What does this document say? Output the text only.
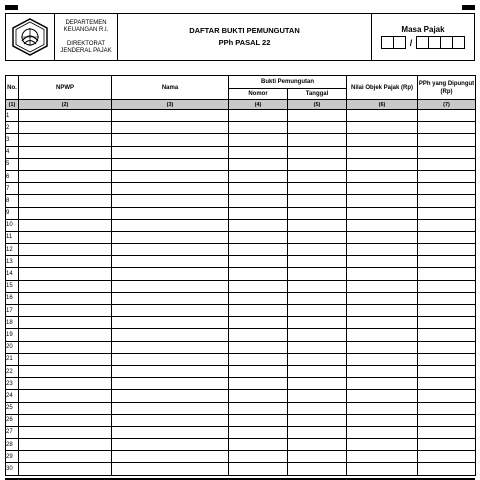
DEPARTEMEN
KEUANGAN R.I.
DIREKTORAT
JENDERAL PAJAK
DAFTAR BUKTI PEMUNGUTAN
PPh PASAL 22
Masa Pajak
/
No.	NPWP	Nama	Bukti Pemungutan		Nilai Objek Pajak (Rp)	PPh yang Dipungut (Rp)
			Nomor	Tanggal		
(1)	(2)	(3)	(4)	(5)	(6)	(7)
1						
2						
3						
4						
5						
6						
7						
8						
9						
10						
11						
12						
13						
14						
15						
16						
17						
18						
19						
20						
21						
22						
23						
24						
25						
26						
27						
28						
29						
30						
